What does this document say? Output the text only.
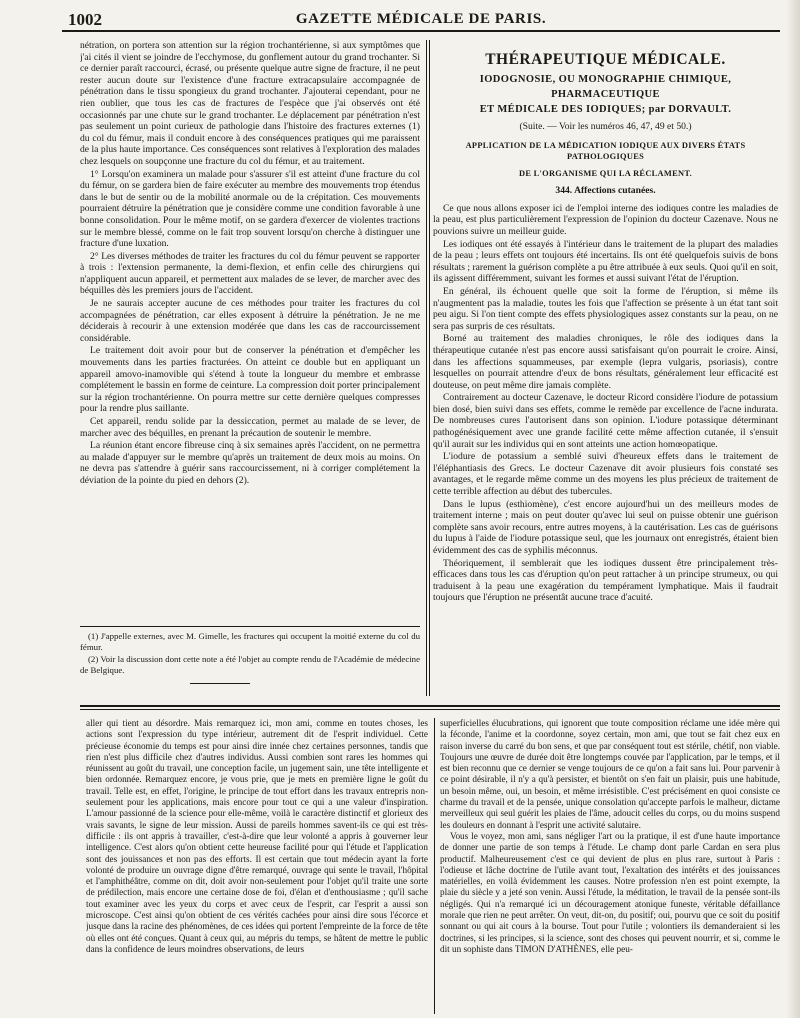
1002	GAZETTE MÉDICALE DE PARIS.

nétration, on portera son attention sur la région trochantérienne, si aux symptômes que j'ai cités il vient se joindre de l'ecchymose, du gonflement autour du grand trochanter. Si ce dernier paraît raccourci, écrasé, ou présente quelque autre signe de fracture, il ne peut rester aucun doute sur l'existence d'une fracture extracapsulaire accompagnée de pénétration dans le tissu spongieux du grand trochanter. J'ajouterai cependant, pour ne rien oublier, que tous les cas de fractures de l'espèce que j'ai observés ont été occasionnés par une chute sur le grand trochanter. Le déplacement par pénétration n'est pas seulement un point curieux de pathologie dans l'histoire des fractures externes (1) du col du fémur, mais il conduit encore à des conséquences pratiques qui me paraissent de la plus haute importance. Ces conséquences sont relatives à l'exploration des malades chez lesquels on soupçonne une fracture du col du fémur, et au traitement.

1° Lorsqu'on examinera un malade pour s'assurer s'il est atteint d'une fracture du col du fémur, on se gardera bien de faire exécuter au membre des mouvements trop étendus dans le but de sentir ou de la mobilité anormale ou de la crépitation. Ces mouvements pourraient détruire la pénétration que je considère comme une condition favorable à une bonne consolidation. Pour le même motif, on se gardera d'exercer de violentes tractions sur le membre blessé, comme on le fait trop souvent lorsqu'on cherche à distinguer une fracture d'une luxation.

2° Les diverses méthodes de traiter les fractures du col du fémur peuvent se rapporter à trois : l'extension permanente, la demi-flexion, et enfin celle des chirurgiens qui n'appliquent aucun appareil, et permettent aux malades de se lever, de marcher avec des béquilles dès les premiers jours de l'accident.

Je ne saurais accepter aucune de ces méthodes pour traiter les fractures du col accompagnées de pénétration, car elles exposent à détruire la pénétration. Je ne me déciderais à recourir à une extension modérée que dans les cas de raccourcissement considérable.

Le traitement doit avoir pour but de conserver la pénétration et d'empêcher les mouvements dans les parties fracturées. On atteint ce double but en appliquant un appareil amovo-inamovible qui s'étend à toute la longueur du membre et embrasse complétement le bassin en forme de ceinture. La compression doit porter principalement sur la région trochantérienne. On pourra mettre sur cette dernière quelques compresses pour la rendre plus saillante.

Cet appareil, rendu solide par la dessiccation, permet au malade de se lever, de marcher avec des béquilles, en prenant la précaution de soutenir le membre.

La réunion étant encore fibreuse cinq à six semaines après l'accident, on ne permettra au malade d'appuyer sur le membre qu'après un traitement de deux mois au moins. On ne devra pas s'attendre à guérir sans raccourcissement, ni à corriger complétement la déviation de la pointe du pied en dehors (2).

(1) J'appelle externes, avec M. Gimelle, les fractures qui occupent la moitié externe du col du fémur.

(2) Voir la discussion dont cette note a été l'objet au compte rendu de l'Académie de médecine de Belgique.

THÉRAPEUTIQUE MÉDICALE.
IODOGNOSIE, OU MONOGRAPHIE CHIMIQUE, PHARMACEUTIQUE
ET MÉDICALE DES IODIQUES; par DORVAULT.
(Suite. — Voir les numéros 46, 47, 49 et 50.)
APPLICATION DE LA MÉDICATION IODIQUE AUX DIVERS ÉTATS PATHOLOGIQUES
DE L'ORGANISME QUI LA RÉCLAMENT.
344. Affections cutanées.

Ce que nous allons exposer ici de l'emploi interne des iodiques contre les maladies de la peau, est plus particulièrement l'expression de l'opinion du docteur Cazenave. Nous ne pouvions suivre un meilleur guide.

Les iodiques ont été essayés à l'intérieur dans le traitement de la plupart des maladies de la peau ; leurs effets ont toujours été incertains. Ils ont été quelquefois suivis de bons résultats ; rarement la guérison complète a pu être attribuée à eux seuls. Quoi qu'il en soit, ils agissent différemment, suivant les formes et aussi suivant l'état de l'éruption.

En général, ils échouent quelle que soit la forme de l'éruption, si même ils n'augmentent pas la maladie, toutes les fois que l'affection se présente à un état tant soit peu aigu. Si l'on tient compte des effets physiologiques assez constants sur la peau, on ne sera pas surpris de ces résultats.

Borné au traitement des maladies chroniques, le rôle des iodiques dans la thérapeutique cutanée n'est pas encore aussi satisfaisant qu'on pourrait le croire. Ainsi, dans les affections squammeuses, par exemple (lepra vulgaris, psoriasis), contre lesquelles on pourrait attendre d'eux de bons résultats, généralement leur efficacité est douteuse, on peut même dire jamais complète.

Contrairement au docteur Cazenave, le docteur Ricord considère l'iodure de potassium bien dosé, bien suivi dans ses effets, comme le remède par excellence de l'acne indurata. De nombreuses cures l'autorisent dans son opinion. L'iodure potassique déterminant pathogénésiquement avec une grande facilité cette même affection cutanée, il s'ensuit qu'il aurait sur les individus qui en sont atteints une action homœopatique.

L'iodure de potassium a semblé suivi d'heureux effets dans le traitement de l'éléphantiasis des Grecs. Le docteur Cazenave dit avoir plusieurs fois constaté ses avantages, et le regarde même comme un des moyens les plus précieux de traitement de cette terrible affection au début des tubercules.

Dans le lupus (esthiomène), c'est encore aujourd'hui un des meilleurs modes de traitement interne ; mais on peut douter qu'avec lui seul on puisse obtenir une guérison complète sans avoir recours, entre autres moyens, à la cautérisation. Les cas de guérisons du lupus à l'aide de l'iodure potassique seul, que les journaux ont enregistrés, étaient bien évidemment des cas de syphilis méconnus.

Théoriquement, il semblerait que les iodiques dussent être principalement très-efficaces dans tous les cas d'éruption qu'on peut rattacher à un principe strumeux, ou qui traduisent à la peau une exagération du tempérament lymphatique. Mais il faudrait toujours que l'éruption ne présentât aucune trace d'acuité.

aller qui tient au désordre. Mais remarquez ici, mon ami, comme en toutes choses, les actions sont l'expression du type intérieur, autrement dit de l'esprit individuel. Cette précieuse économie du temps est pour ainsi dire innée chez certaines personnes, tandis que rien n'est plus difficile chez d'autres individus. Aussi combien sont rares les hommes qui réunissent au goût du travail, une conception facile, un jugement sain, une tête intelligente et bien ordonnée. Remarquez encore, je vous prie, que je mets en première ligne le goût du travail. Telle est, en effet, l'origine, le principe de tout effort dans les travaux entrepris non-seulement pour les applications, mais encore pour tout ce qui a une valeur d'inspiration. L'amour passionné de la science pour elle-même, voilà le caractère distinctif et glorieux des vrais savants, le signe de leur mission. Aussi de pareils hommes savent-ils ce qui est très-difficile : ils ont appris à travailler, c'est-à-dire que leur volonté a appris à gouverner leur intelligence. C'est alors qu'on obtient cette heureuse facilité pour qui l'étude et l'application sont des jouissances et non pas des efforts. Il est certain que tout médecin ayant la forte volonté de produire un ouvrage digne d'être remarqué, ouvrage qui sente le travail, l'hôpital et l'amphithéâtre, comme on dit, doit avoir non-seulement pour l'objet qu'il traite une sorte de prédilection, mais encore une certaine dose de foi, d'élan et d'enthousiasme ; qu'il sache tout examiner avec les yeux du corps et avec ceux de l'esprit, car l'esprit a aussi son microscope. C'est ainsi qu'on obtient de ces vérités cachées pour ainsi dire sous l'écorce et jusque dans la racine des phénomènes, de ces idées qui portent l'empreinte de la force de tête où elles ont été conçues. Quant à ceux qui, au mépris du temps, se hâtent de mettre le public dans la confidence de leurs moindres observations, de leurs

superficielles élucubrations, qui ignorent que toute composition réclame une idée mère qui la féconde, l'anime et la coordonne, soyez certain, mon ami, que tout se fait chez eux en raison inverse du carré du bon sens, et que par conséquent tout est stérile, chétif, non viable. Toujours une œuvre de durée doit être longtemps couvée par l'application, par le temps, et il est bien reconnu que ce dernier se venge toujours de ce qu'on a fait sans lui. Pour parvenir à ce point désirable, il n'y a qu'à persister, et bientôt on s'en fait un plaisir, puis une habitude, un besoin même, oui, un besoin, et même irrésistible. C'est précisément en quoi consiste ce charme du travail et de la pensée, unique consolation qu'accepte parfois le malheur, dictame merveilleux qui seul guérit les plaies de l'âme, adoucit celles du corps, ou du moins suspend les douleurs en donnant à l'esprit une activité salutaire.

Vous le voyez, mon ami, sans négliger l'art ou la pratique, il est d'une haute importance de donner une partie de son temps à l'étude. Le champ dont parle Cardan en sera plus productif. Malheureusement c'est ce qui devient de plus en plus rare, surtout à Paris : l'odieuse et lâche doctrine de l'utile avant tout, l'exaltation des intérêts et des jouissances matérielles, en voilà évidemment les causes. Notre profession n'en est point exempte, la plaie du siècle y a jeté son venin. Aussi l'étude, la méditation, le travail de la pensée sont-ils négligés. Qui n'a remarqué ici un découragement atonique funeste, véritable défaillance morale que rien ne peut arrêter. On veut, dit-on, du positif; oui, pourvu que ce soit du positif sonnant ou qui ait cours à la bourse. Tout pour l'utile ; volontiers ils demanderaient si les doctrines, si les principes, si la science, sont des choses qui peuvent nourrir, et si, comme le dit un sophiste dans TIMON D'ATHÈNES, elle peu-
